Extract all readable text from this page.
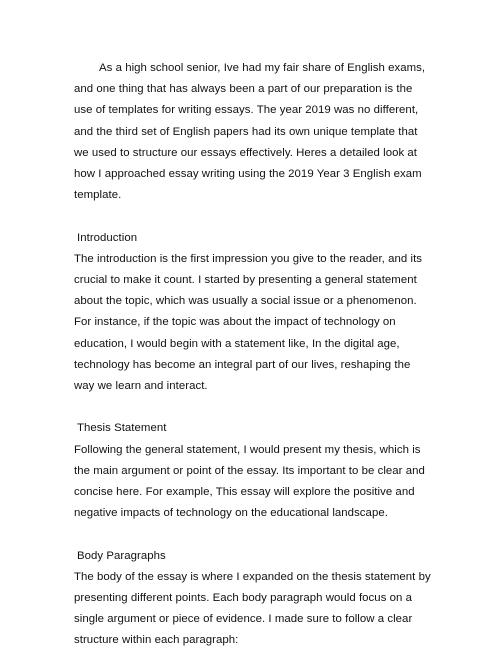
As a high school senior, Ive had my fair share of English exams, and one thing that has always been a part of our preparation is the use of templates for writing essays. The year 2019 was no different, and the third set of English papers had its own unique template that we used to structure our essays effectively. Heres a detailed look at how I approached essay writing using the 2019 Year 3 English exam template.

Introduction

The introduction is the first impression you give to the reader, and its crucial to make it count. I started by presenting a general statement about the topic, which was usually a social issue or a phenomenon. For instance, if the topic was about the impact of technology on education, I would begin with a statement like, In the digital age, technology has become an integral part of our lives, reshaping the way we learn and interact.

Thesis Statement

Following the general statement, I would present my thesis, which is the main argument or point of the essay. Its important to be clear and concise here. For example, This essay will explore the positive and negative impacts of technology on the educational landscape.

Body Paragraphs

The body of the essay is where I expanded on the thesis statement by presenting different points. Each body paragraph would focus on a single argument or piece of evidence. I made sure to follow a clear structure within each paragraph:
